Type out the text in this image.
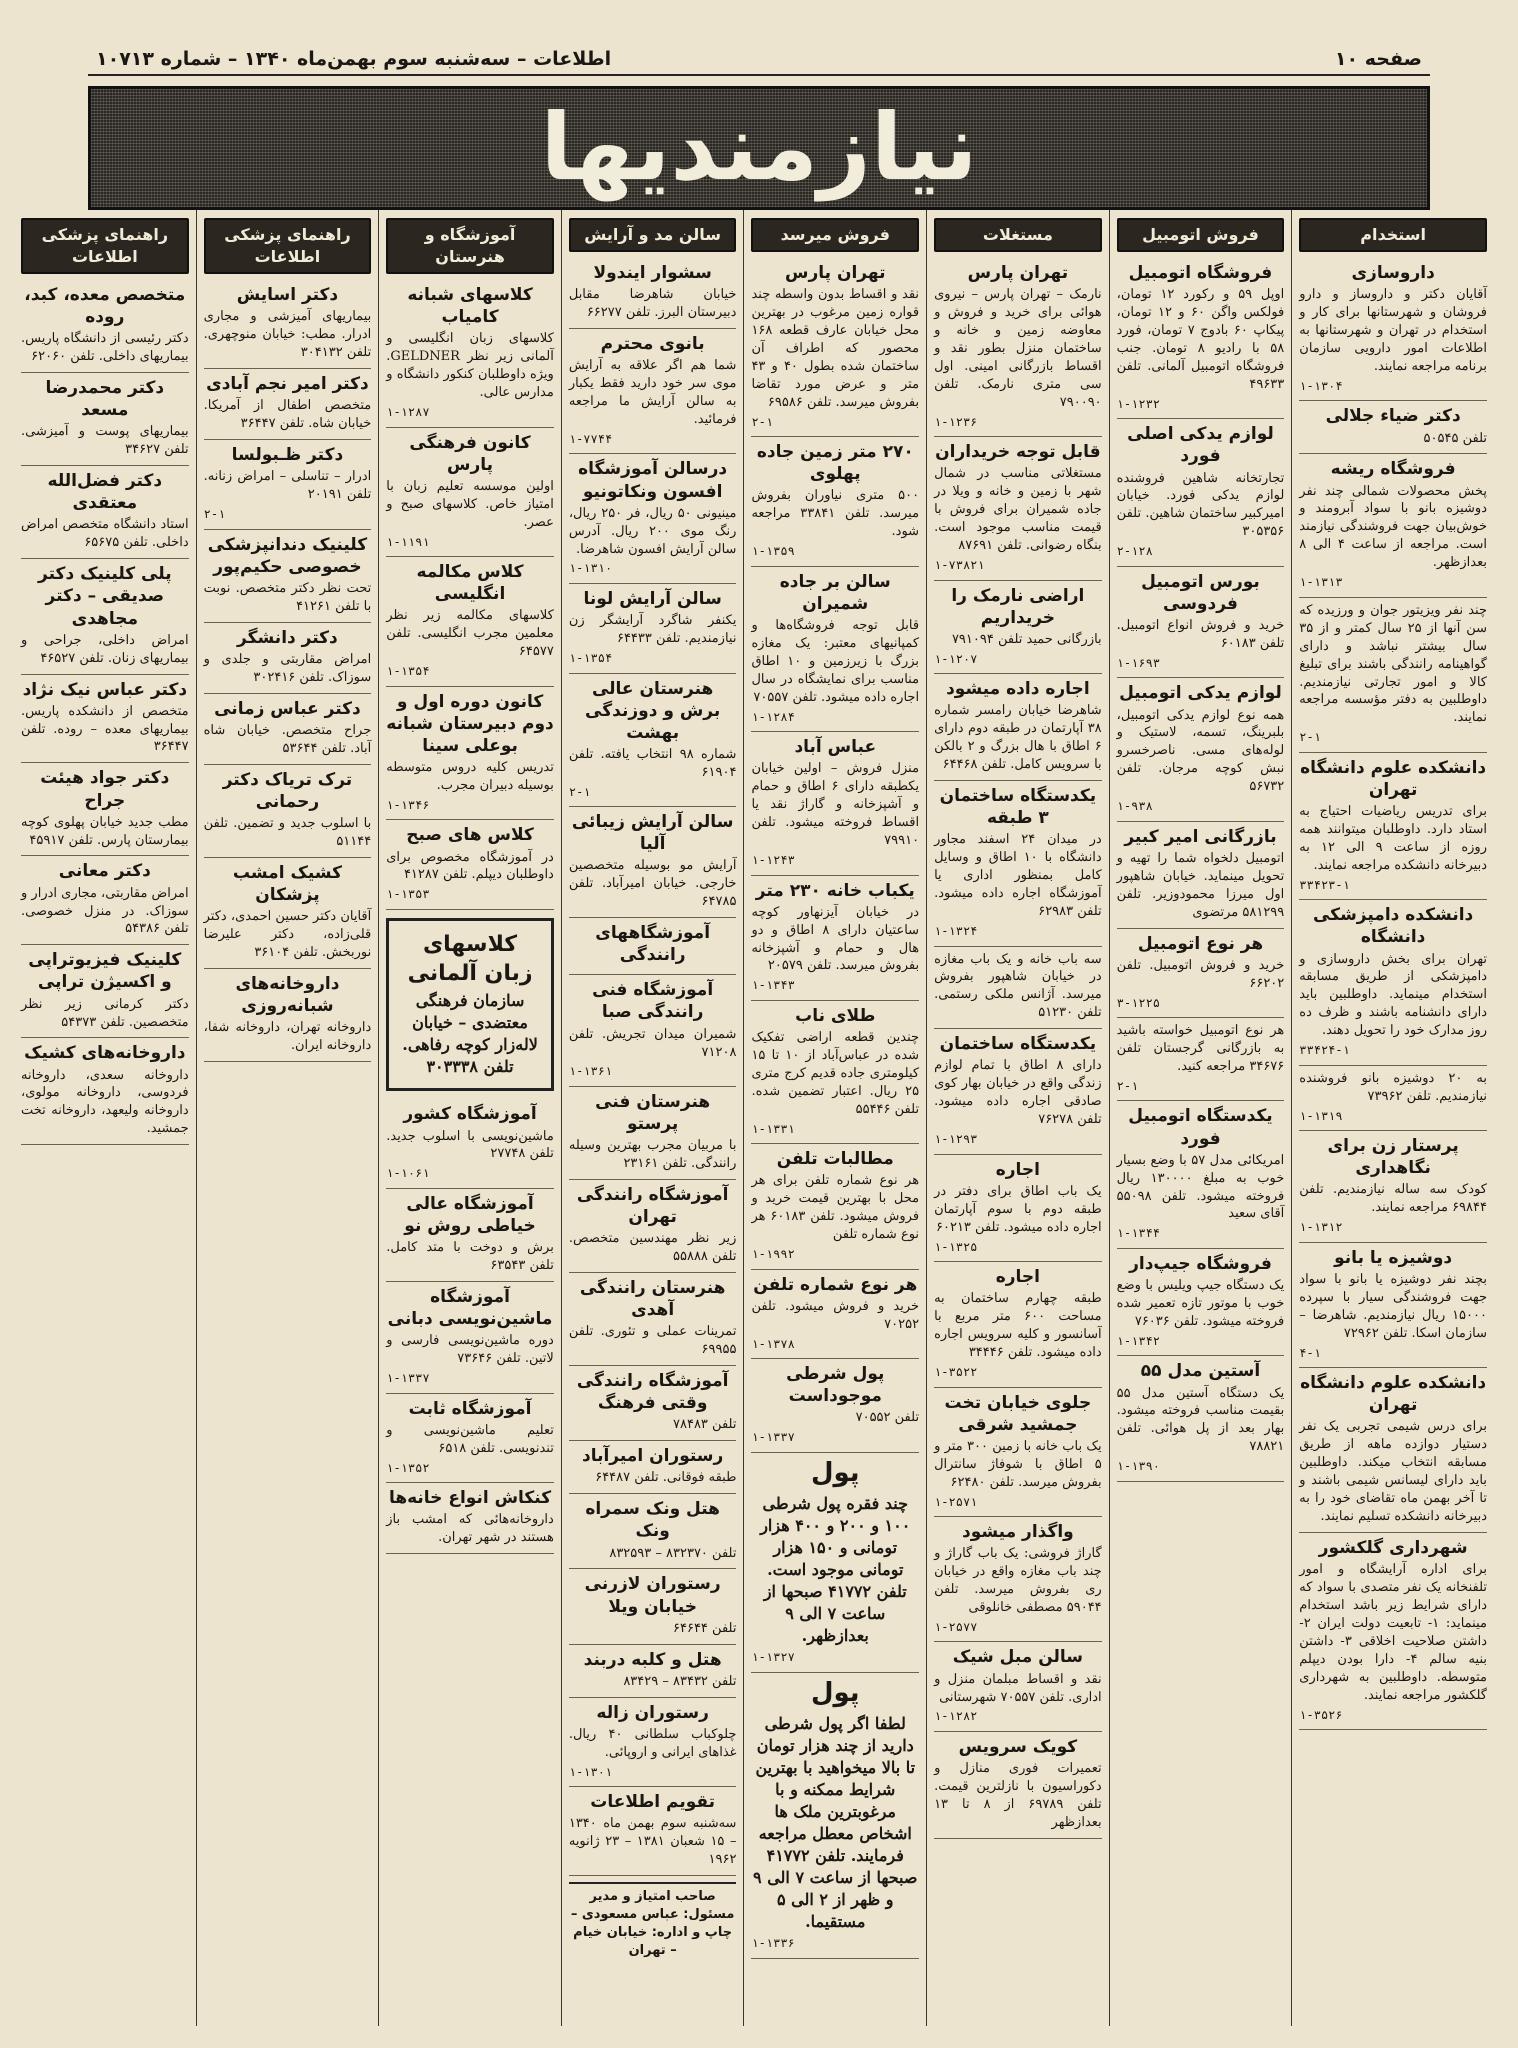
صفحه ۱۰
اطلاعات – سه‌شنبه سوم بهمن‌ماه ۱۳۴۰ – شماره ۱۰۷۱۳
نیازمندیها
استخدام
داروسازی
آقایان دکتر و داروساز و دارو فروشان و شهرستانها برای کار و استخدام در تهران و شهرستانها به اطلاعات امور دارویی سازمان برنامه مراجعه نمایند.
۱-۱۳۰۴
دکتر ضیاء جلالی
تلفن ۵۰۵۴۵
فروشگاه ریشه
پخش محصولات شمالی چند نفر دوشیزه بانو با سواد آبرومند و خوش‌بیان جهت فروشندگی نیازمند است. مراجعه از ساعت ۴ الی ۸ بعدازظهر.
۱-۱۳۱۳
چند نفر ویزیتور جوان و ورزیده که سن آنها از ۲۵ سال کمتر و از ۳۵ سال بیشتر نباشد و دارای گواهینامه رانندگی باشند برای تبلیغ کالا و امور تجارتی نیازمندیم. داوطلبین به دفتر مؤسسه مراجعه نمایند.
۲-۱
دانشکده علوم دانشگاه تهران
برای تدریس ریاضیات احتیاج به استاد دارد. داوطلبان میتوانند همه روزه از ساعت ۹ الی ۱۲ به دبیرخانه دانشکده مراجعه نمایند.
۳۳۴۲۳-۱
دانشکده دامپزشکی دانشگاه
تهران برای بخش داروسازی و دامپزشکی از طریق مسابقه استخدام مینماید. داوطلبین باید دارای دانشنامه باشند و ظرف ده روز مدارک خود را تحویل دهند.
۳۳۴۲۴-۱
به ۲۰ دوشیزه بانو فروشنده نیازمندیم. تلفن ۷۳۹۶۲
۱-۱۳۱۹
پرستار زن برای نگاهداری
کودک سه ساله نیازمندیم. تلفن ۶۹۸۴۴ مراجعه نمایند.
۱-۱۳۱۲
دوشیزه یا بانو
بچند نفر دوشیزه یا بانو با سواد جهت فروشندگی سیار با سپرده ۱۵۰۰۰ ریال نیازمندیم. شاهرضا – سازمان اسکا. تلفن ۷۲۹۶۲
۴-۱
دانشکده علوم دانشگاه تهران
برای درس شیمی تجربی یک نفر دستیار دوازده ماهه از طریق مسابقه انتخاب میکند. داوطلبین باید دارای لیسانس شیمی باشند و تا آخر بهمن ماه تقاضای خود را به دبیرخانه دانشکده تسلیم نمایند.
شهرداری گلکشور
برای اداره آرایشگاه و امور تلفنخانه یک نفر متصدی با سواد که دارای شرایط زیر باشد استخدام مینماید: ۱- تابعیت دولت ایران ۲- داشتن صلاحیت اخلاقی ۳- داشتن بنیه سالم ۴- دارا بودن دیپلم متوسطه. داوطلبین به شهرداری گلکشور مراجعه نمایند.
۱-۳۵۲۶
فروش اتومبیل
فروشگاه اتومبیل
اوپل ۵۹ و رکورد ۱۲ تومان، فولکس واگن ۶۰ و ۱۲ تومان، پیکاپ ۶۰ بادوج ۷ تومان، فورد ۵۸ با رادیو ۸ تومان. جنب فروشگاه اتومبیل آلمانی. تلفن ۴۹۶۳۳
۱-۱۲۳۲
لوازم یدکی اصلی فورد
تجارتخانه شاهین فروشنده لوازم یدکی فورد. خیابان امیرکبیر ساختمان شاهین. تلفن ۳۰۵۳۵۶
۲-۱۲۸
بورس اتومبیل فردوسی
خرید و فروش انواع اتومبیل. تلفن ۶۰۱۸۳
۱-۱۶۹۳
لوازم یدکی اتومبیل
همه نوع لوازم یدکی اتومبیل، بلبرینگ، تسمه، لاستیک و لوله‌های مسی. ناصرخسرو نبش کوچه مرجان. تلفن ۵۶۷۳۲
۱-۹۳۸
بازرگانی امیر کبیر
اتومبیل دلخواه شما را تهیه و تحویل مینماید. خیابان شاهپور اول میرزا محمودوزیر. تلفن ۵۸۱۲۹۹ مرتضوی
هر نوع اتومبیل
خرید و فروش اتومبیل. تلفن ۶۶۲۰۲
۳-۱۲۲۵
هر نوع اتومبیل خواسته باشید به بازرگانی گرجستان تلفن ۳۴۶۷۶ مراجعه کنید.
۲-۱
یکدستگاه اتومبیل فورد
امریکائی مدل ۵۷ با وضع بسیار خوب به مبلغ ۱۳۰۰۰۰ ریال فروخته میشود. تلفن ۵۵۰۹۸ آقای سعید
۱-۱۳۴۴
فروشگاه جیپ‌دار
یک دستگاه جیپ ویلیس با وضع خوب با موتور تازه تعمیر شده فروخته میشود. تلفن ۷۶۰۳۶
۱-۱۳۴۲
آستین مدل ۵۵
یک دستگاه آستین مدل ۵۵ بقیمت مناسب فروخته میشود. بهار بعد از پل هوائی. تلفن ۷۸۸۲۱
۱-۱۳۹۰
مستغلات
تهران پارس
نارمک – تهران پارس – نیروی هوائی برای خرید و فروش و معاوضه زمین و خانه و ساختمان منزل بطور نقد و اقساط بازرگانی امینی. اول سی متری نارمک. تلفن ۷۹۰۰۹۰
۱-۱۲۳۶
قابل توجه خریداران
مستغلاتی مناسب در شمال شهر با زمین و خانه و ویلا در جاده شمیران برای فروش با قیمت مناسب موجود است. بنگاه رضوانی. تلفن ۸۷۶۹۱
۱-۷۳۸۲۱
اراضی نارمک را خریداریم
بازرگانی حمید تلفن ۷۹۱۰۹۴
۱-۱۲۰۷
اجاره داده میشود
شاهرضا خیابان رامسر شماره ۳۸ آپارتمان در طبقه دوم دارای ۶ اطاق با هال بزرگ و ۲ بالکن با سرویس کامل. تلفن ۶۴۴۶۸
یکدستگاه ساختمان ۳ طبقه
در میدان ۲۴ اسفند مجاور دانشگاه با ۱۰ اطاق و وسایل کامل بمنظور اداری یا آموزشگاه اجاره داده میشود. تلفن ۶۲۹۸۳
۱-۱۳۲۴
سه باب خانه و یک باب مغازه در خیابان شاهپور بفروش میرسد. آژانس ملکی رستمی. تلفن ۵۱۲۳۰
یکدستگاه ساختمان
دارای ۸ اطاق با تمام لوازم زندگی واقع در خیابان بهار کوی صادقی اجاره داده میشود. تلفن ۷۶۲۷۸
۱-۱۲۹۳
اجاره
یک باب اطاق برای دفتر در طبقه دوم با سوم آپارتمان اجاره داده میشود. تلفن ۶۰۲۱۳
۱-۱۳۲۵
اجاره
طبقه چهارم ساختمان به مساحت ۶۰۰ متر مربع با آسانسور و کلیه سرویس اجاره داده میشود. تلفن ۳۴۴۴۶
۱-۳۵۲۲
جلوی خیابان تخت جمشید شرقی
یک باب خانه با زمین ۳۰۰ متر و ۵ اطاق با شوفاژ سانترال بفروش میرسد. تلفن ۶۲۴۸۰
۱-۲۵۷۱
واگذار میشود
گاراژ فروشی: یک باب گاراژ و چند باب مغازه واقع در خیابان ری بفروش میرسد. تلفن ۵۹۰۴۴ مصطفی خانلوقی
۱-۲۵۷۷
سالن مبل شیک
نقد و اقساط مبلمان منزل و اداری. تلفن ۷۰۵۵۷ شهرستانی
۱-۱۲۸۲
کویک سرویس
تعمیرات فوری منازل و دکوراسیون با نازلترین قیمت. تلفن ۶۹۷۸۹ از ۸ تا ۱۳ بعدازظهر
فروش میرسد
تهران پارس
نقد و اقساط بدون واسطه چند قواره زمین مرغوب در بهترین محل خیابان عارف قطعه ۱۶۸ محصور که اطراف آن ساختمان شده بطول ۴۰ و ۴۳ متر و عرض مورد تقاضا بفروش میرسد. تلفن ۶۹۵۸۶
۲-۱
۲۷۰ متر زمین جاده پهلوی
۵۰۰ متری نیاوران بفروش میرسد. تلفن ۳۳۸۴۱ مراجعه شود.
۱-۱۳۵۹
سالن بر جاده شمیران
قابل توجه فروشگاه‌ها و کمپانیهای معتبر: یک مغازه بزرگ با زیرزمین و ۱۰ اطاق مناسب برای نمایشگاه در سال اجاره داده میشود. تلفن ۷۰۵۵۷
۱-۱۲۸۴
عباس آباد
منزل فروش – اولین خیابان یکطبقه دارای ۶ اطاق و حمام و آشپزخانه و گاراژ نقد یا اقساط فروخته میشود. تلفن ۷۹۹۱۰
۱-۱۲۴۳
یکباب خانه ۲۳۰ متر
در خیابان آیزنهاور کوچه ساعتیان دارای ۸ اطاق و دو هال و حمام و آشپزخانه بفروش میرسد. تلفن ۲۰۵۷۹
۱-۱۳۴۳
طلای ناب
چندین قطعه اراضی تفکیک شده در عباس‌آباد از ۱۰ تا ۱۵ کیلومتری جاده قدیم کرج متری ۲۵ ریال. اعتبار تضمین شده. تلفن ۵۵۴۴۶
۱-۱۳۳۱
مطالبات تلفن
هر نوع شماره تلفن برای هر محل با بهترین قیمت خرید و فروش میشود. تلفن ۶۰۱۸۳ هر نوع شماره تلفن
۱-۱۹۹۲
هر نوع شماره تلفن
خرید و فروش میشود. تلفن ۷۰۲۵۲
۱-۱۳۷۸
پول شرطی موجوداست
تلفن ۷۰۵۵۲
۱-۱۳۳۷
پول
چند فقره پول شرطی ۱۰۰ و ۲۰۰ و ۴۰۰ هزار تومانی و ۱۵۰ هزار تومانی موجود است. تلفن ۴۱۷۷۲ صبحها از ساعت ۷ الی ۹ بعدازظهر.
۱-۱۳۲۷
پول
لطفا اگر پول شرطی دارید از چند هزار تومان تا بالا میخواهید با بهترین شرایط ممکنه و با مرغوبترین ملک ها اشخاص معطل مراجعه فرمایند. تلفن ۴۱۷۷۲ صبحها از ساعت ۷ الی ۹ و ظهر از ۲ الی ۵ مستقیما.
۱-۱۳۳۶
سالن مد و آرایش
سشوار ایندولا
خیابان شاهرضا مقابل دبیرستان البرز. تلفن ۶۶۲۷۷
بانوی محترم
شما هم اگر علاقه به آرایش موی سر خود دارید فقط یکبار به سالن آرایش ما مراجعه فرمائید.
۱-۷۷۴۴
درسالن آموزشگاه افسون ونکاتونیو
مینیونی ۵۰ ریال، فر ۲۵۰ ریال، رنگ موی ۲۰۰ ریال. آدرس سالن آرایش افسون شاهرضا.
۱-۱۳۱۰
سالن آرایش لونا
یکنفر شاگرد آرایشگر زن نیازمندیم. تلفن ۶۴۴۳۳
۱-۱۳۵۴
هنرستان عالی برش و دوزندگی بهشت
شماره ۹۸ انتخاب یافته. تلفن ۶۱۹۰۴
۲-۱
سالن آرایش زیبائی آلیا
آرایش مو بوسیله متخصصین خارجی. خیابان امیرآباد. تلفن ۶۴۷۸۵
آموزشگاههای رانندگی
آموزشگاه فنی رانندگی صبا
شمیران میدان تجریش. تلفن ۷۱۲۰۸
۱-۱۳۶۱
هنرستان فنی پرستو
با مربیان مجرب بهترین وسیله رانندگی. تلفن ۲۳۱۶۱
آموزشگاه رانندگی تهران
زیر نظر مهندسین متخصص. تلفن ۵۵۸۸۸
هنرستان رانندگی آهدی
تمرینات عملی و تئوری. تلفن ۶۹۹۵۵
آموزشگاه رانندگی وقتی فرهنگ
تلفن ۷۸۴۸۳
رستوران امیرآباد
طبقه فوقانی. تلفن ۶۴۴۸۷
هتل ونک سمراه ونک
تلفن ۸۳۲۳۷۰ – ۸۳۲۵۹۳
رستوران لازرنی خیابان ویلا
تلفن ۶۴۶۴۴
هتل و کلبه دربند
تلفن ۸۳۴۳۲ – ۸۳۴۲۹
رستوران زاله
چلوکباب سلطانی ۴۰ ریال. غذاهای ایرانی و اروپائی.
۱-۱۳۰۱
تقویم اطلاعات
سه‌شنبه سوم بهمن ماه ۱۳۴۰ – ۱۵ شعبان ۱۳۸۱ – ۲۳ ژانویه ۱۹۶۲
صاحب امتیاز و مدیر مسئول: عباس مسعودی – چاپ و اداره: خیابان خیام – تهران
آموزشگاه و هنرستان
کلاسهای شبانه کامیاب
کلاسهای زبان انگلیسی و آلمانی زیر نظر GELDNER. ویژه داوطلبان کنکور دانشگاه و مدارس عالی.
۱-۱۲۸۷
کانون فرهنگی پارس
اولین موسسه تعلیم زبان با امتیاز خاص. کلاسهای صبح و عصر.
۱-۱۱۹۱
کلاس مکالمه انگلیسی
کلاسهای مکالمه زیر نظر معلمین مجرب انگلیسی. تلفن ۶۴۵۷۷
۱-۱۳۵۴
کانون دوره اول و دوم دبیرستان شبانه بوعلی سینا
تدریس کلیه دروس متوسطه بوسیله دبیران مجرب.
۱-۱۳۴۶
کلاس های صبح
در آموزشگاه مخصوص برای داوطلبان دیپلم. تلفن ۴۱۲۸۷
۱-۱۳۵۳
کلاسهای زبان آلمانی
سازمان فرهنگی معتضدی – خیابان لاله‌زار کوچه رفاهی. تلفن ۳۰۳۳۳۸
آموزشگاه کشور
ماشین‌نویسی با اسلوب جدید. تلفن ۲۷۷۴۸
۱-۱۰۶۱
آموزشگاه عالی خیاطی روش نو
برش و دوخت با متد کامل. تلفن ۶۳۵۴۳
آموزشگاه ماشین‌نویسی دبانی
دوره ماشین‌نویسی فارسی و لاتین. تلفن ۷۳۶۴۶
۱-۱۳۳۷
آموزشگاه ثابت
تعلیم ماشین‌نویسی و تندنویسی. تلفن ۶۵۱۸
۱-۱۳۵۲
کنکاش انواع خانه‌ها
داروخانه‌هائی که امشب باز هستند در شهر تهران.
راهنمای پزشکی اطلاعات
دکتر اسایش
بیماریهای آمیزشی و مجاری ادرار. مطب: خیابان منوچهری. تلفن ۳۰۴۱۳۲
دکتر امیر نجم آبادی
متخصص اطفال از آمریکا. خیابان شاه. تلفن ۳۶۴۴۷
دکتر ظـبولسا
ادرار – تناسلی – امراض زنانه. تلفن ۲۰۱۹۱
۲-۱
کلینیک دندانپزشکی خصوصی حکیم‌پور
تحت نظر دکتر متخصص. نوبت با تلفن ۴۱۲۶۱
دکتر دانشگر
امراض مقاربتی و جلدی و سوزاک. تلفن ۳۰۲۴۱۶
دکتر عباس زمانی
جراح متخصص. خیابان شاه آباد. تلفن ۵۳۶۴۴
ترک تریاک دکتر رحمانی
با اسلوب جدید و تضمین. تلفن ۵۱۱۴۴
کشیک امشب پزشکان
آقایان دکتر حسین احمدی، دکتر قلی‌زاده، دکتر علیرضا نوربخش. تلفن ۳۶۱۰۴
داروخانه‌های شبانه‌روزی
داروخانه تهران، داروخانه شفا، داروخانه ایران.
راهنمای پزشکی اطلاعات
متخصص معده، کبد، روده
دکتر رئیسی از دانشگاه پاریس. بیماریهای داخلی. تلفن ۶۲۰۶۰
دکتر محمدرضا مسعد
بیماریهای پوست و آمیزشی. تلفن ۳۴۶۲۷
دکتر فضل‌الله معتقدی
استاد دانشگاه متخصص امراض داخلی. تلفن ۶۵۶۷۵
پلی کلینیک دکتر صدیقی – دکتر مجاهدی
امراض داخلی، جراحی و بیماریهای زنان. تلفن ۴۶۵۲۷
دکتر عباس نیک نژاد
متخصص از دانشکده پاریس. بیماریهای معده – روده. تلفن ۳۶۴۴۷
دکتر جواد هیئت جراح
مطب جدید خیابان پهلوی کوچه بیمارستان پارس. تلفن ۴۵۹۱۷
دکتر معانی
امراض مقاربتی، مجاری ادرار و سوزاک. در منزل خصوصی. تلفن ۵۴۳۸۶
کلینیک فیزیوتراپی و اکسیژن تراپی
دکتر کرمانی زیر نظر متخصصین. تلفن ۵۴۳۷۳
داروخانه‌های کشیک
داروخانه سعدی، داروخانه فردوسی، داروخانه مولوی، داروخانه ولیعهد، داروخانه تخت جمشید.
